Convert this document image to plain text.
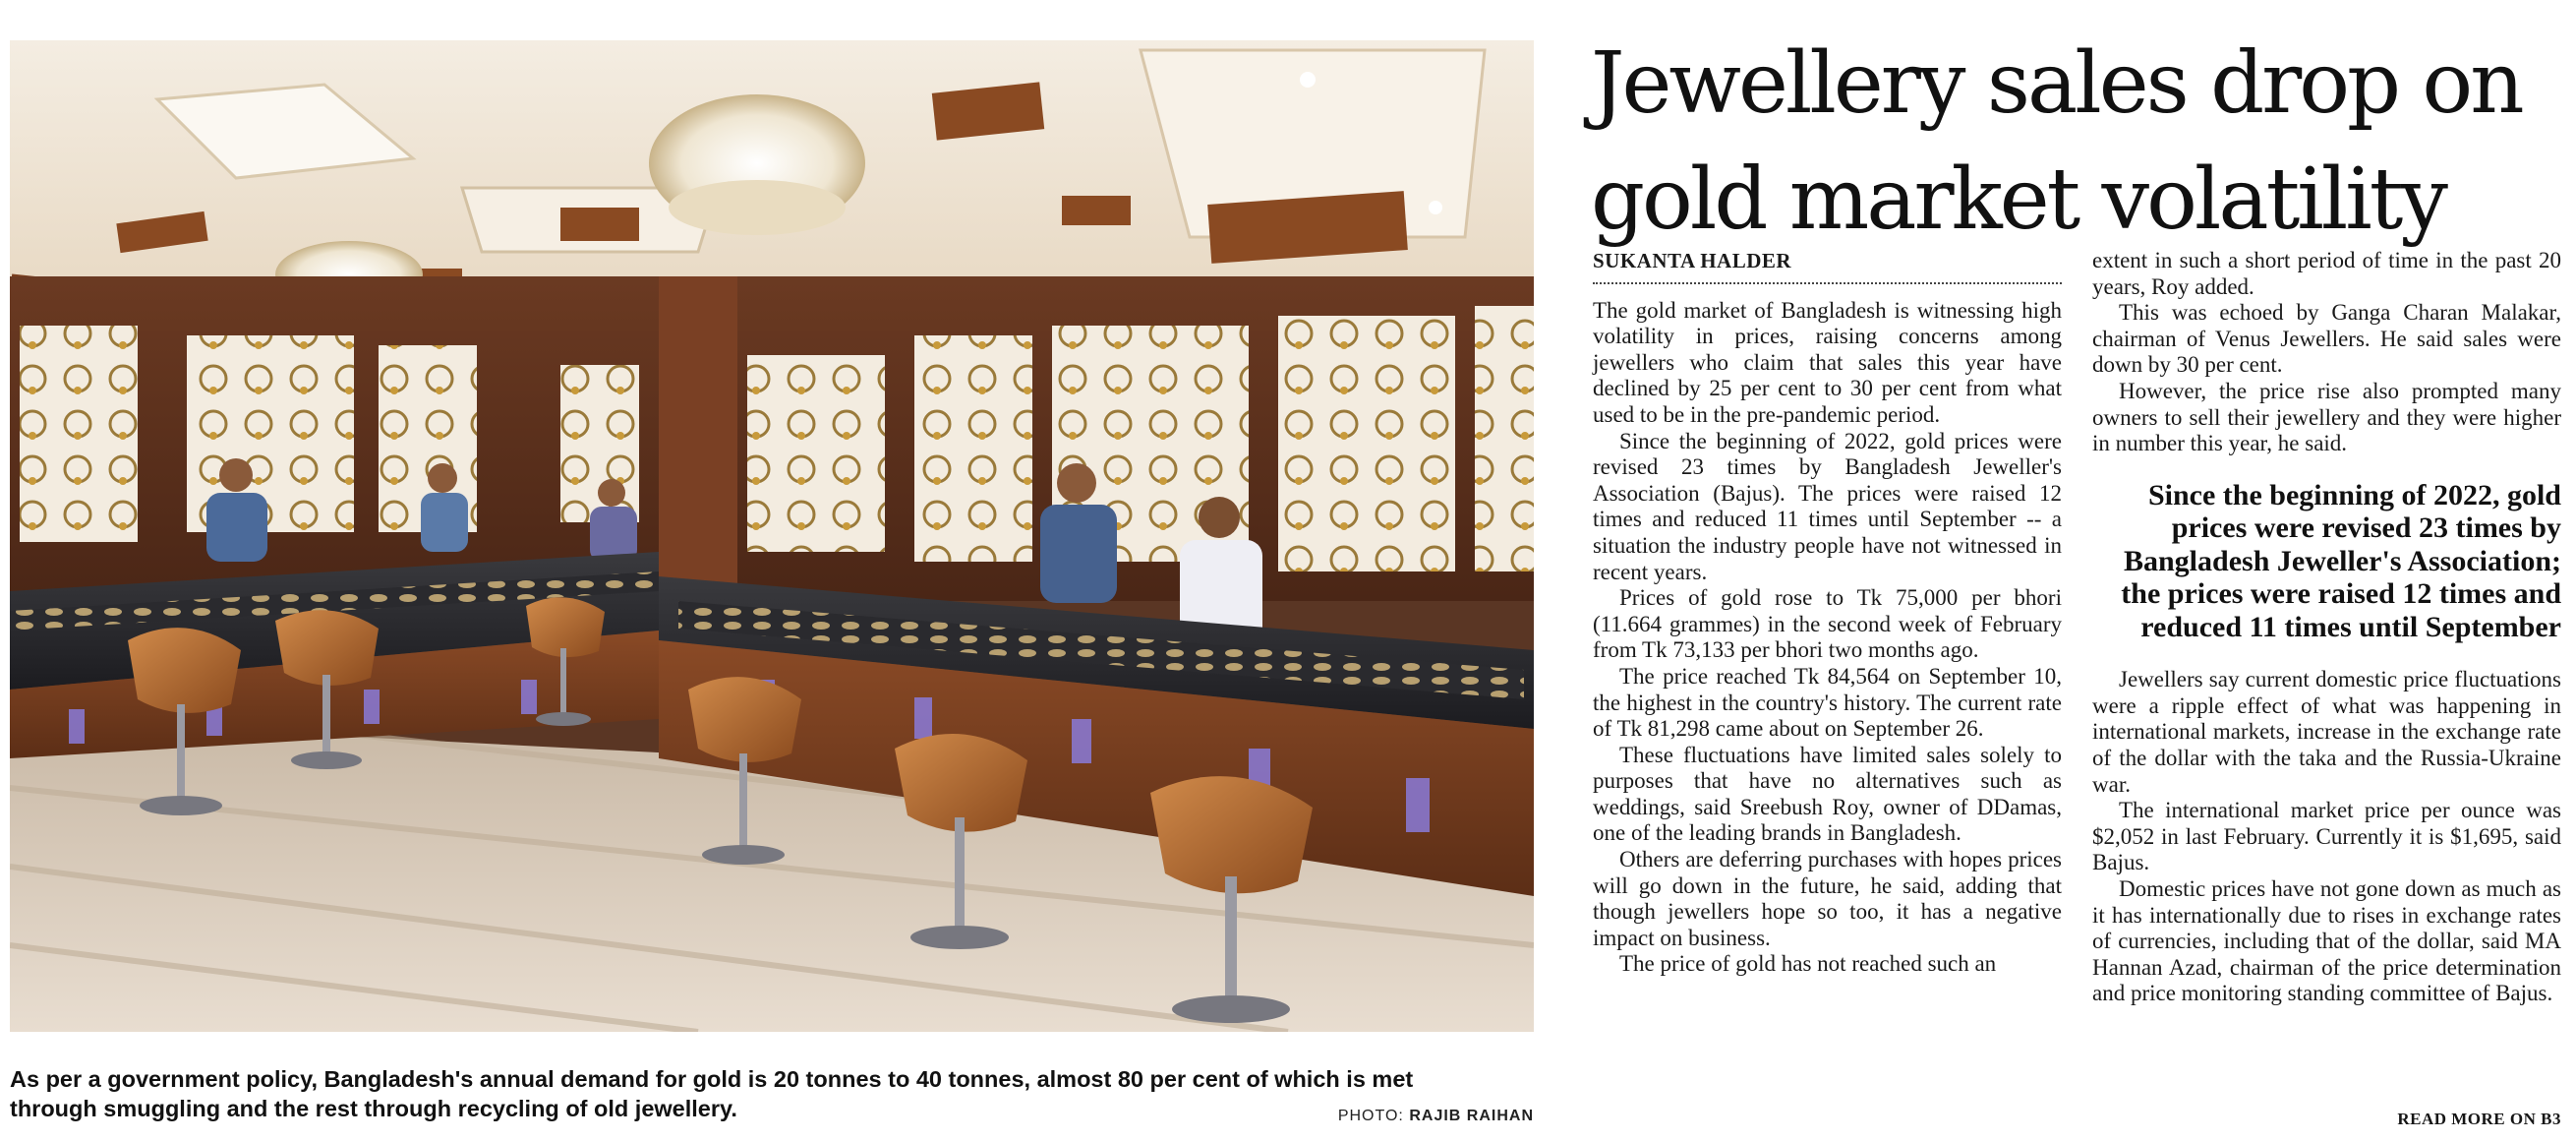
As per a government policy, Bangladesh's annual demand for gold is 20 tonnes to 40 tonnes, almost 80 per cent of which is met through smuggling and the rest through recycling of old jewellery.	PHOTO: RAJIB RAIHAN
Jewellery sales drop on gold market volatility
SUKANTA HALDER

The gold market of Bangladesh is witnessing high volatility in prices, raising concerns among jewellers who claim that sales this year have declined by 25 per cent to 30 per cent from what used to be in the pre-pandemic period.

Since the beginning of 2022, gold prices were revised 23 times by Bangladesh Jeweller's Association (Bajus). The prices were raised 12 times and reduced 11 times until September -- a situation the industry people have not witnessed in recent years.

Prices of gold rose to Tk 75,000 per bhori (11.664 grammes) in the second week of February from Tk 73,133 per bhori two months ago.

The price reached Tk 84,564 on September 10, the highest in the country's history. The current rate of Tk 81,298 came about on September 26.

These fluctuations have limited sales solely to purposes that have no alternatives such as weddings, said Sreebush Roy, owner of DDamas, one of the leading brands in Bangladesh.

Others are deferring purchases with hopes prices will go down in the future, he said, adding that though jewellers hope so too, it has a negative impact on business.

The price of gold has not reached such an

extent in such a short period of time in the past 20 years, Roy added.

This was echoed by Ganga Charan Malakar, chairman of Venus Jewellers. He said sales were down by 30 per cent.

However, the price rise also prompted many owners to sell their jewellery and they were higher in number this year, he said.

Since the beginning of 2022, gold prices were revised 23 times by Bangladesh Jeweller's Association; the prices were raised 12 times and reduced 11 times until September

Jewellers say current domestic price fluctuations were a ripple effect of what was happening in international markets, increase in the exchange rate of the dollar with the taka and the Russia-Ukraine war.

The international market price per ounce was $2,052 in last February. Currently it is $1,695, said Bajus.

Domestic prices have not gone down as much as it has internationally due to rises in exchange rates of currencies, including that of the dollar, said MA Hannan Azad, chairman of the price determination and price monitoring standing committee of Bajus.

READ MORE ON B3
